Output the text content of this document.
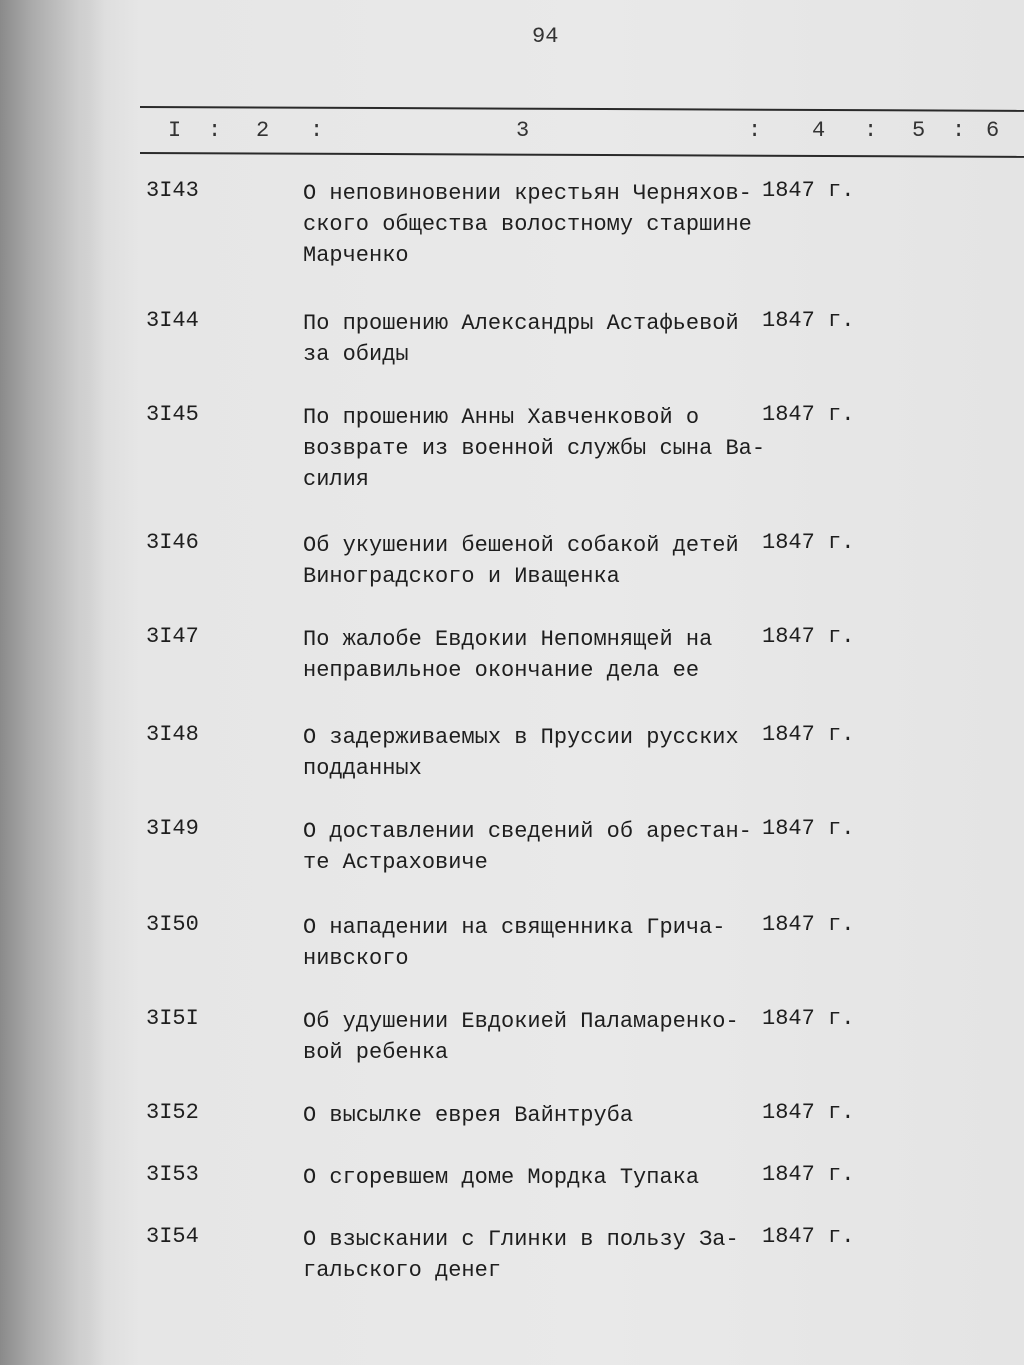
94
I : 2 :	3	: 4 : 5 : 6
3I43	О неповиновении крестьян Черняхов-
ского общества волостному старшине
Марченко
1847 г.
3I44	По прошению Александры Астафьевой
за обиды
1847 г.
3I45	По прошению Анны Хавченковой о
возврате из военной службы сына Ва-
силия
1847 г.
3I46	Об укушении бешеной собакой детей
Виноградского и Иващенка
1847 г.
3I47	По жалобе Евдокии Непомнящей на
неправильное окончание дела ее
1847 г.
3I48	О задерживаемых в Пруссии русских
подданных
1847 г.
3I49	О доставлении сведений об арестан-
те Астраховиче
1847 г.
3I50	О нападении на священника Грича-
нивского
1847 г.
3I5I	Об удушении Евдокией Паламаренко-
вой ребенка
1847 г.
3I52	О высылке еврея Вайнтруба	1847 г.
3I53	О сгоревшем доме Мордка Тупака	1847 г.
3I54	О взыскании с Глинки в пользу За-
гальского денег
1847 г.
